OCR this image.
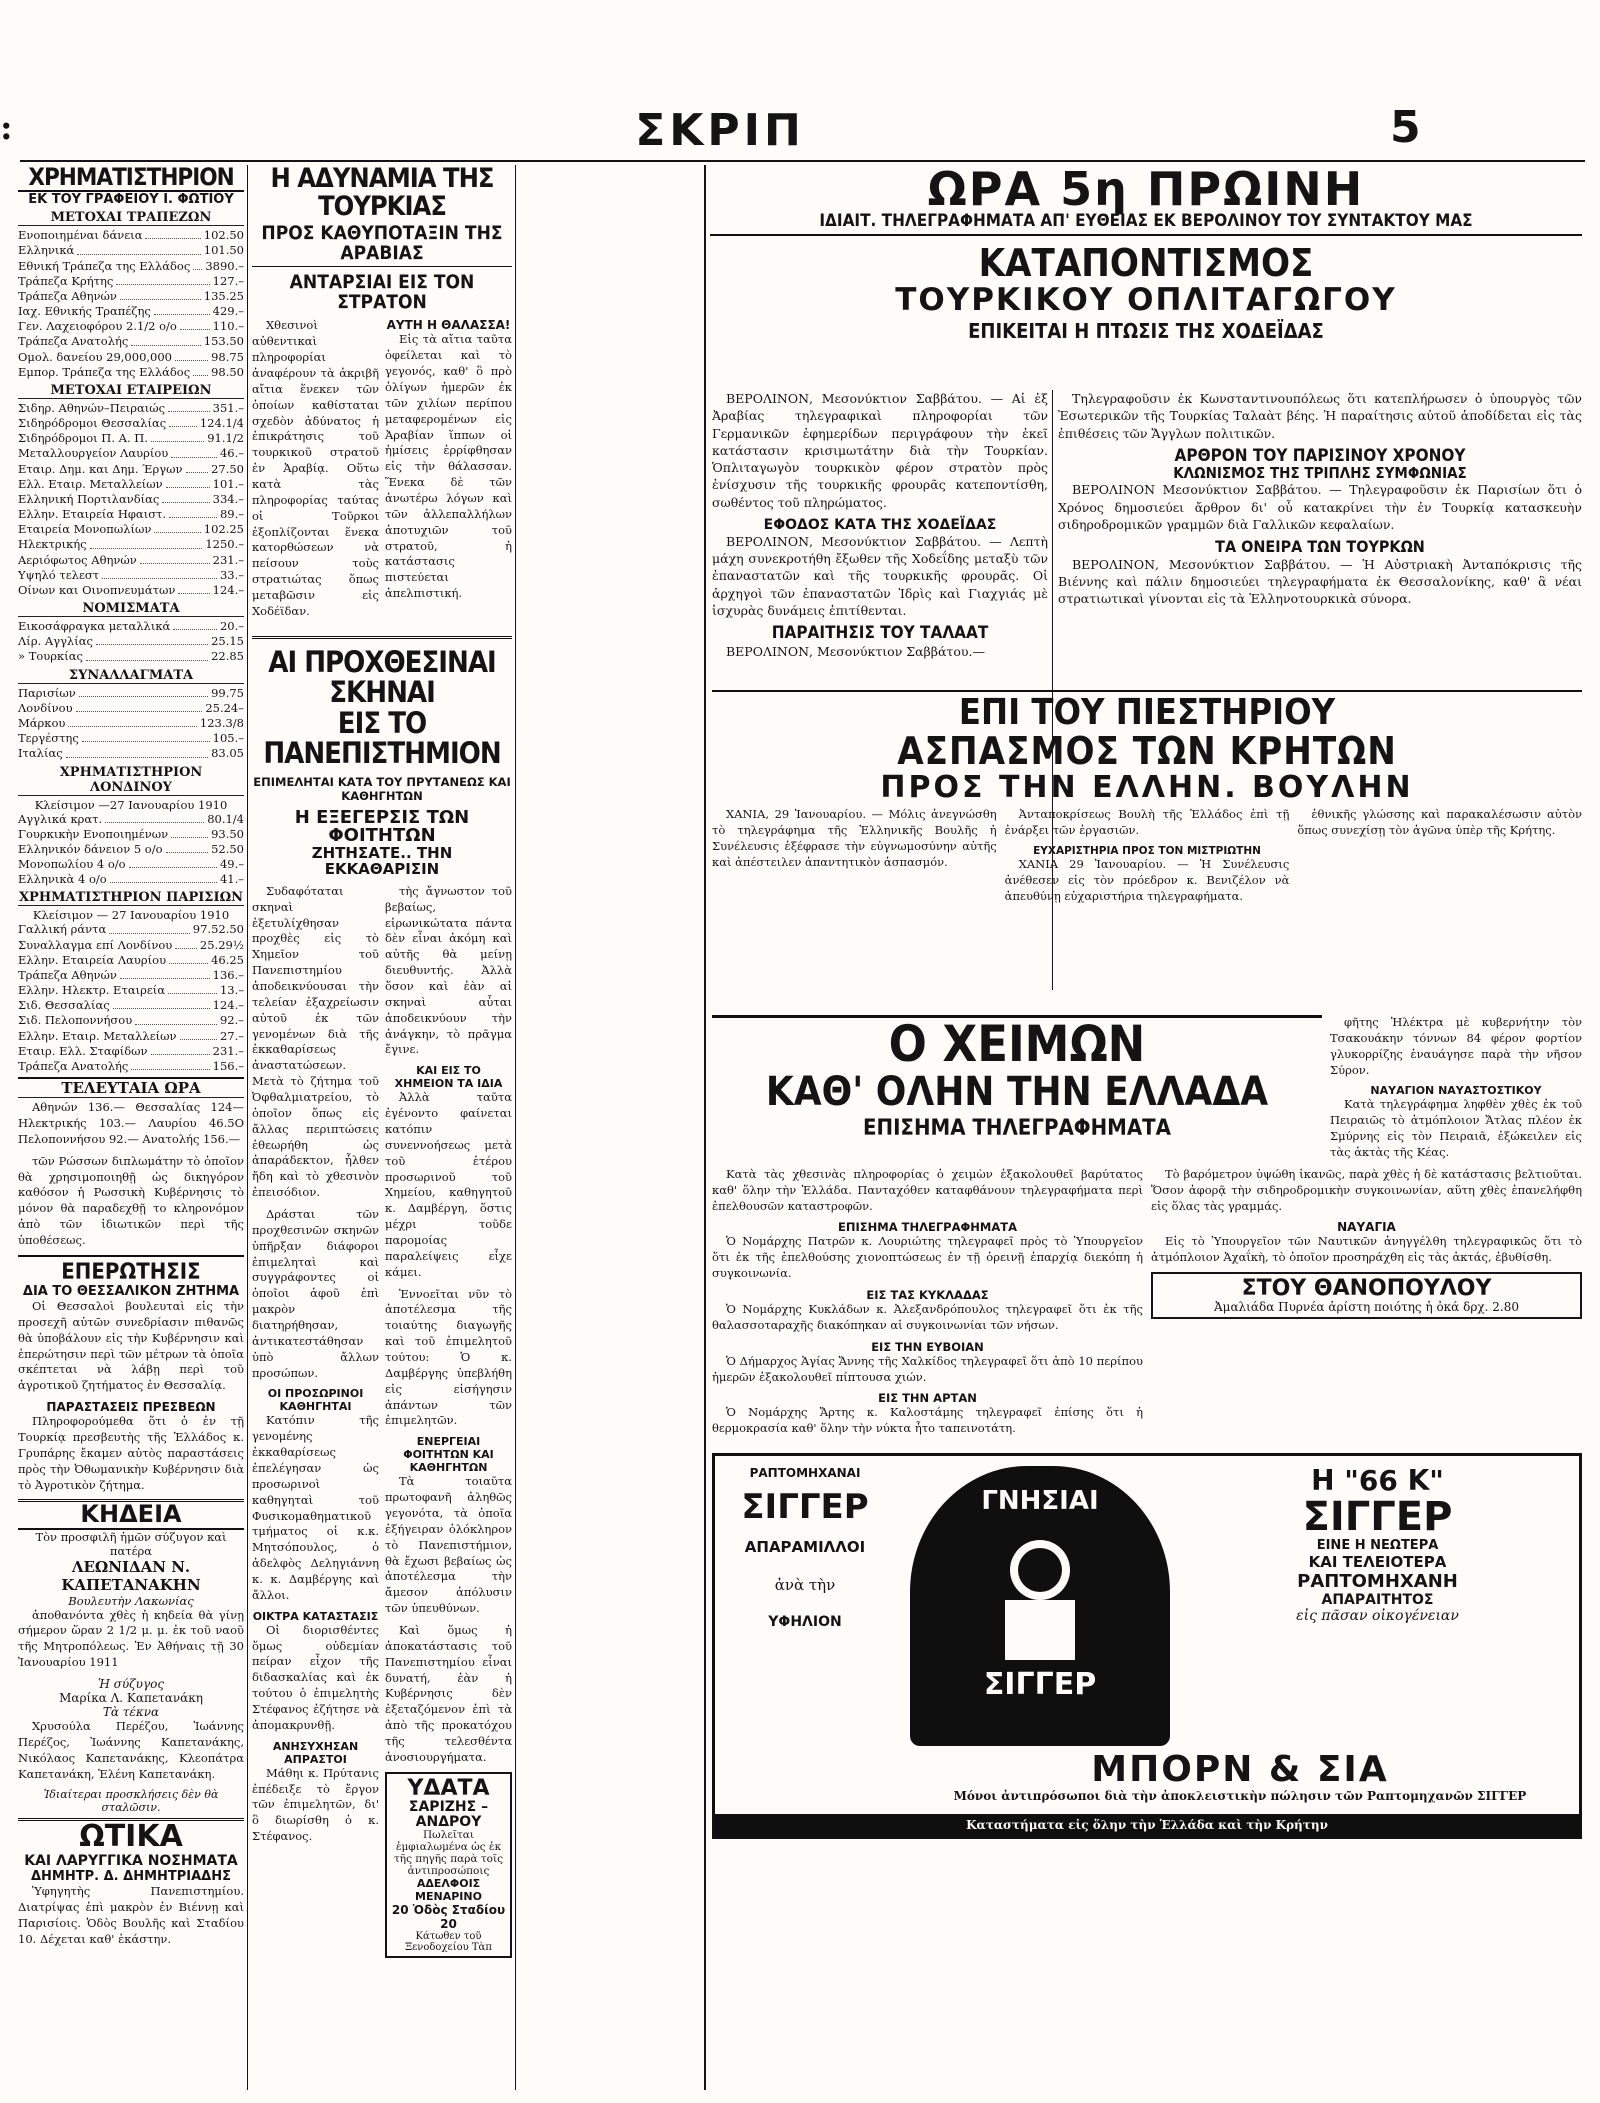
:	ΣΚΡΙΠ	5
ΧΡΗΜΑΤΙΣΤΗΡΙΟΝ
ΕΚ ΤΟΥ ΓΡΑΦΕΙΟΥ Ι. ΦΩΤΙΟΥ
ΜΕΤΟΧΑΙ ΤΡΑΠΕΖΩΝ
Ενοποιημέναι δάνεια	102.50
Ελληνικά	101.50
Εθνική Τράπεζα της Ελλάδος 3890.–
Τράπεζα Κρήτης	127.–
Τράπεζα Αθηνών	135.25
Ιαχ. Εθνικής Τραπέζης	429.–
Γεν. Λαχειοφόρου 2.1/2 ο/ο	110.–
Τράπεζα Ανατολής	153.50
Ομολ. δανείου 29,000,000	98.75
Εμπορ. Τράπεζα της Ελλάδος 98.50
ΜΕΤΟΧΑΙ ΕΤΑΙΡΕΙΩΝ
Σιδηρ. Αθηνών–Πειραιώς	351.–
Σιδηρόδρομοι Θεσσαλίας	124.1/4
Σιδηρόδρομοι Π. Α. Π.	91.1/2
Μεταλλουργείον Λαυρίου	46.–
Εταιρ. Δημ. και Δημ. Έργων 27.50
Ελλ. Εταιρ. Μεταλλείων	101.–
Ελληνική Πορτιλανδίας	334.–
Ελλην. Εταιρεία Ηφαιστ.	89.–
Εταιρεία Μονοπωλίων	102.25
Ηλεκτρικής	1250.–
Αεριόφωτος Αθηνών	231.–
Υψηλό τελεστ	33.–
Οίνων και Οινοπνευμάτων	124.–
ΝΟΜΙΣΜΑΤΑ
Εικοσάφραγκα μεταλλικά	20.–
Λίρ. Αγγλίας	25.15
» Τουρκίας	22.85
ΣΥΝΑΛΛΑΓΜΑΤΑ
Παρισίων	99.75
Λονδίνου	25.24–
Μάρκου	123.3/8
Τεργέστης	105.–
Ιταλίας	83.05
ΧΡΗΜΑΤΙΣΤΗΡΙΟΝ ΛΟΝΔΙΝΟΥ
Κλείσιμον —27 Ιανουαρίου 1910
Αγγλικά κρατ.	80.1/4
Γουρκικὴν Ενοποιημένων	93.50
Ελληνικόν δάνειον 5 ο/ο	52.50
Μονοπωλίου 4 ο/ο	49.–
Ελληνικὰ 4 ο/ο	41.–
ΧΡΗΜΑΤΙΣΤΗΡΙΟΝ ΠΑΡΙΣΙΩΝ
Κλείσιμον — 27 Ιανουαρίου 1910
Γαλλική ράντα	97.52.50
Συναλλαγμα επί Λονδίνου 25.29½
Ελλην. Εταιρεία Λαυρίου	46.25
Τράπεζα Αθηνών	136.–
Ελλην. Ηλεκτρ. Εταιρεία	13.–
Σιδ. Θεσσαλίας	124.–
Σιδ. Πελοποννήσου	92.–
Ελλην. Εταιρ. Μεταλλείων	27.–
Εταιρ. Ελλ. Σταφίδων	231.–
Τράπεζα Ανατολής	156.–
ΤΕΛΕΥΤΑΙΑ ΩΡΑ

Αθηνών 136.— Θεσσαλίας 124— Ηλεκτρικής 103.— Λαυρίου 46.5Ο Πελοποννήσου 92.— Ανατολής 156.—

τῶν Ρώσσων διπλωμάτην τὸ ὁποῖον θὰ χρησιμοποιηθῇ ὡς δικηγόρον καθόσον ἡ Ρωσσικὴ Κυβέρνησις τὸ μόνον θὰ παραδεχθῇ το κληρονόμον ἀπὸ τῶν ἰδιωτικῶν περὶ τῆς ὑποθέσεως.

ΕΠΕΡΩΤΗΣΙΣ
ΔΙΑ ΤΟ ΘΕΣΣΑΛΙΚΟΝ ΖΗΤΗΜΑ

Οἱ Θεσσαλοὶ βουλευταὶ εἰς τὴν προσεχῆ αὐτῶν συνεδρίασιν πιθανῶς θὰ ὑποβάλουν εἰς τὴν Κυβέρνησιν καὶ ἐπερώτησιν περὶ τῶν μέτρων τὰ ὁποῖα σκέπτεται νὰ λάβῃ περὶ τοῦ ἀγροτικοῦ ζητήματος ἐν Θεσσαλίᾳ.

ΠΑΡΑΣΤΑΣΕΙΣ ΠΡΕΣΒΕΩΝ

Πληροφορούμεθα ὅτι ὁ ἐν τῇ Τουρκίᾳ πρεσβευτὴς τῆς Ἑλλάδος κ. Γρυπάρης ἔκαμεν αὐτὸς παραστάσεις πρὸς τὴν Ὀθωμανικὴν Κυβέρνησιν διὰ τὸ Ἀγροτικὸν ζήτημα.

ΚΗΔΕΙΑ
Τὸν προσφιλῆ ἡμῶν σύζυγον καὶ πατέρα
ΛΕΩΝΙΔΑΝ Ν. ΚΑΠΕΤΑΝΑΚΗΝ
Βουλευτὴν Λακωνίας

ἀποθανόντα χθὲς ἡ κηδεία θὰ γίνῃ σήμερον ὥραν 2 1/2 μ. μ. ἐκ τοῦ ναοῦ τῆς Μητροπόλεως. Ἐν Ἀθήναις τῇ 30 Ἰανουαρίου 1911

Ἡ σύζυγος
Μαρίκα Λ. Καπετανάκη
Τὰ τέκνα

Χρυσούλα Περέζου, Ἰωάννης Περέζος, Ἰωάννης Καπετανάκης, Νικόλαος Καπετανάκης, Κλεοπάτρα Καπετανάκη, Ἑλένη Καπετανάκη.

Ἰδιαίτεραι προσκλήσεις δὲν θὰ σταλῶσιν.
ΩΤΙΚΑ
ΚΑΙ ΛΑΡΥΓΓΙΚΑ ΝΟΣΗΜΑΤΑ
ΔΗΜΗΤΡ. Δ. ΔΗΜΗΤΡΙΑΔΗΣ

Ὑφηγητὴς Πανεπιστημίου. Διατρίψας ἐπὶ μακρὸν ἐν Βιέννῃ καὶ Παρισίοις. Ὁδὸς Βουλῆς καὶ Σταδίου 10. Δέχεται καθ' ἑκάστην.

Η ΑΔΥΝΑΜΙΑ ΤΗΣ ΤΟΥΡΚΙΑΣ
ΠΡΟΣ ΚΑΘΥΠΟΤΑΞΙΝ ΤΗΣ ΑΡΑΒΙΑΣ
ΑΝΤΑΡΣΙΑΙ ΕΙΣ ΤΟΝ ΣΤΡΑΤΟΝ

Χθεσινοὶ αὐθεντικαὶ πληροφορίαι ἀναφέρουν τὰ ἀκριβῆ αἴτια ἕνεκεν τῶν ὁποίων καθίσταται σχεδὸν ἀδύνατος ἡ ἐπικράτησις τοῦ τουρκικοῦ στρατοῦ ἐν Ἀραβίᾳ. Οὕτω κατὰ τὰς πληροφορίας ταύτας οἱ Τοῦρκοι ἐξοπλίζονται ἕνεκα κατορθώσεων νὰ πείσουν τοὺς στρατιώτας ὅπως μεταβῶσιν εἰς Χοδέϊδαν.

ΑΥΤΗ Η ΘΑΛΑΣΣΑ!

Εἰς τὰ αἴτια ταῦτα ὀφείλεται καὶ τὸ γεγονός, καθ' ὃ πρὸ ὀλίγων ἡμερῶν ἐκ τῶν χιλίων περίπου μεταφερομένων εἰς Ἀραβίαν ἵππων οἱ ἡμίσεις ἐρρίφθησαν εἰς τὴν θάλασσαν. Ἕνεκα δὲ τῶν ἀνωτέρω λόγων καὶ τῶν ἀλλεπαλλήλων ἀποτυχιῶν τοῦ στρατοῦ, ἡ κατάστασις πιστεύεται ἀπελπιστική.

ΑΙ ΠΡΟΧΘΕΣΙΝΑΙ ΣΚΗΝΑΙ
ΕΙΣ ΤΟ ΠΑΝΕΠΙΣΤΗΜΙΟΝ
ΕΠΙΜΕΛΗΤΑΙ ΚΑΤΑ ΤΟΥ ΠΡΥΤΑΝΕΩΣ ΚΑΙ ΚΑΘΗΓΗΤΩΝ
Η ΕΞΕΓΕΡΣΙΣ ΤΩΝ ΦΟΙΤΗΤΩΝ
ΖΗΤΗΣΑΤΕ.. ΤΗΝ ΕΚΚΑΘΑΡΙΣΙΝ

Συδαφόταται σκηναὶ ἐξετυλίχθησαν προχθὲς εἰς τὸ Χημεῖον τοῦ Πανεπιστημίου ἀποδεικνύουσαι τὴν τελείαν ἐξαχρείωσιν αὐτοῦ ἐκ τῶν γενομένων διὰ τῆς ἐκκαθαρίσεως ἀναστατώσεων. Μετὰ τὸ ζήτημα τοῦ Ὀφθαλμιατρείου, τὸ ὁποῖον ὅπως εἰς ἄλλας περιπτώσεις ἐθεωρήθη ὡς ἀπαράδεκτον, ἦλθεν ἤδη καὶ τὸ χθεσινὸν ἐπεισόδιον.

Δράσται τῶν προχθεσινῶν σκηνῶν ὑπῆρξαν διάφοροι ἐπιμεληταὶ καὶ συγγράφοντες οἱ ὁποῖοι ἀφοῦ ἐπὶ μακρὸν διατηρήθησαν, ἀντικατεστάθησαν ὑπὸ ἄλλων προσώπων.

ΟΙ ΠΡΟΣΩΡΙΝΟΙ ΚΑΘΗΓΗΤΑΙ

Κατόπιν τῆς γενομένης ἐκκαθαρίσεως ἐπελέγησαν ὡς προσωρινοὶ καθηγηταὶ τοῦ Φυσικομαθηματικοῦ τμήματος οἱ κ.κ. Μητσόπουλος, ὁ ἀδελφὸς Δεληγιάννη κ. κ. Δαμβέργης καὶ ἄλλοι.

ΟΙΚΤΡΑ ΚΑΤΑΣΤΑΣΙΣ

Οἱ διορισθέντες ὅμως οὐδεμίαν πείραν εἶχον τῆς διδασκαλίας καὶ ἐκ τούτου ὁ ἐπιμελητὴς Στέφανος ἐζήτησε νὰ ἀπομακρυνθῇ.

ΑΝΗΣΥΧΗΣΑΝ ΑΠΡΑΣΤΟΙ

Μάθηι κ. Πρύτανις ἐπέδειξε τὸ ἔργον τῶν ἐπιμελητῶν, δι' ὃ διωρίσθη ὁ κ. Στέφανος.

τὴς ἄγνωστον τοῦ βεβαίως, εἰρωνικώτατα πάντα δὲν εἶναι ἀκόμη καὶ αὐτῆς θὰ μείνῃ διευθυντής. Ἀλλὰ ὅσον καὶ ἐὰν αἱ σκηναὶ αὗται ἀποδεικνύουν τὴν ἀνάγκην, τὸ πρᾶγμα ἔγινε.

ΚΑΙ ΕΙΣ ΤΟ ΧΗΜΕΙΟΝ ΤΑ ΙΔΙΑ

Ἀλλὰ ταῦτα ἐγένοντο φαίνεται κατόπιν συνεννοήσεως μετὰ τοῦ ἑτέρου προσωρινοῦ τοῦ Χημείου, καθηγητοῦ κ. Δαμβέργη, ὅστις μέχρι τοῦδε παρομοίας παραλείψεις εἶχε κάμει.

Ἐννοεῖται νῦν τὸ ἀποτέλεσμα τῆς τοιαύτης διαγωγῆς καὶ τοῦ ἐπιμελητοῦ τούτου: Ὁ κ. Δαμβέργης ὑπεβλήθη εἰς εἰσήγησιν ἁπάντων τῶν ἐπιμελητῶν.

ΕΝΕΡΓΕΙΑΙ ΦΟΙΤΗΤΩΝ ΚΑΙ ΚΑΘΗΓΗΤΩΝ

Τὰ τοιαῦτα πρωτοφανῆ ἀληθῶς γεγονότα, τὰ ὁποῖα ἐξήγειραν ὁλόκληρον τὸ Πανεπιστήμιον, θὰ ἔχωσι βεβαίως ὡς ἀποτέλεσμα τὴν ἄμεσον ἀπόλυσιν τῶν ὑπευθύνων.

Καὶ ὅμως ἡ ἀποκατάστασις τοῦ Πανεπιστημίου εἶναι δυνατή, ἐὰν ἡ Κυβέρνησις δὲν ἐξεταζόμενον ἐπὶ τὰ ἀπὸ τῆς προκατόχου τῆς τελεσθέντα ἀνοσιουργήματα.

ΥΔΑΤΑ
ΣΑΡΙΖΗΣ – ΑΝΔΡΟΥ
Πωλεῖται ἐμφιαλωμένα ὡς ἐκ τῆς πηγῆς παρὰ τοῖς ἀντιπροσώποις
ΑΔΕΛΦΟΙΣ ΜΕΝΑΡΙΝΟ
20 Ὁδὸς Σταδίου 20
Κάτωθεν τοῦ Ξενοδοχείου Τὰπ
ΩΡΑ 5η ΠΡΩΙΝΗ
ΙΔΙΑΙΤ. ΤΗΛΕΓΡΑΦΗΜΑΤΑ ΑΠ' ΕΥΘΕΙΑΣ ΕΚ ΒΕΡΟΛΙΝΟΥ ΤΟΥ ΣΥΝΤΑΚΤΟΥ ΜΑΣ
ΚΑΤΑΠΟΝΤΙΣΜΟΣ
ΤΟΥΡΚΙΚΟΥ ΟΠΛΙΤΑΓΩΓΟΥ
ΕΠΙΚΕΙΤΑΙ Η ΠΤΩΣΙΣ ΤΗΣ ΧΟΔΕΪΔΑΣ

ΒΕΡΟΛΙΝΟΝ, Μεσονύκτιον Σαββάτου. — Αἱ ἐξ Ἀραβίας τηλεγραφικαὶ πληροφορίαι τῶν Γερμανικῶν ἐφημερίδων περιγράφουν τὴν ἐκεῖ κατάστασιν κρισιμωτάτην διὰ τὴν Τουρκίαν. Ὁπλιταγωγὸν τουρκικὸν φέρον στρατὸν πρὸς ἐνίσχυσιν τῆς τουρκικῆς φρουρᾶς κατεποντίσθη, σωθέντος τοῦ πληρώματος.

ΕΦΟΔΟΣ ΚΑΤΑ ΤΗΣ ΧΟΔΕΪΔΑΣ

ΒΕΡΟΛΙΝΟΝ, Μεσονύκτιον Σαββάτου. — Λεπτὴ μάχη συνεκροτήθη ἔξωθεν τῆς Χοδεΐδης μεταξὺ τῶν ἐπαναστατῶν καὶ τῆς τουρκικῆς φρουρᾶς. Οἱ ἀρχηγοὶ τῶν ἐπαναστατῶν Ἰδρὶς καὶ Γιαχγιάς μὲ ἰσχυρὰς δυνάμεις ἐπιτίθενται.

ΠΑΡΑΙΤΗΣΙΣ ΤΟΥ ΤΑΛΑΑΤ

ΒΕΡΟΛΙΝΟΝ, Μεσονύκτιον Σαββάτου.—

Τηλεγραφοῦσιν ἐκ Κωνσταντινουπόλεως ὅτι κατεπλήρωσεν ὁ ὑπουργὸς τῶν Ἐσωτερικῶν τῆς Τουρκίας Ταλαὰτ βέης. Ἡ παραίτησις αὐτοῦ ἀποδίδεται εἰς τὰς ἐπιθέσεις τῶν Ἄγγλων πολιτικῶν.

ΑΡΘΡΟΝ ΤΟΥ ΠΑΡΙΣΙΝΟΥ ΧΡΟΝΟΥ
ΚΛΩΝΙΣΜΟΣ ΤΗΣ ΤΡΙΠΛΗΣ ΣΥΜΦΩΝΙΑΣ

ΒΕΡΟΛΙΝΟΝ Μεσονύκτιον Σαββάτου. — Τηλεγραφοῦσιν ἐκ Παρισίων ὅτι ὁ Χρόνος δημοσιεύει ἄρθρον δι' οὗ κατακρίνει τὴν ἐν Τουρκίᾳ κατασκευὴν σιδηροδρομικῶν γραμμῶν διὰ Γαλλικῶν κεφαλαίων.

ΤΑ ΟΝΕΙΡΑ ΤΩΝ ΤΟΥΡΚΩΝ

ΒΕΡΟΛΙΝΟΝ, Μεσονύκτιον Σαββάτου. — Ἡ Αὐστριακὴ Ἀνταπόκρισις τῆς Βιέννης καὶ πάλιν δημοσιεύει τηλεγραφήματα ἐκ Θεσσαλονίκης, καθ' ἃ νέαι στρατιωτικαὶ γίνονται εἰς τὰ Ἑλληνοτουρκικὰ σύνορα.

ΕΠΙ ΤΟΥ ΠΙΕΣΤΗΡΙΟΥ
ΑΣΠΑΣΜΟΣ ΤΩΝ ΚΡΗΤΩΝ
ΠΡΟΣ ΤΗΝ ΕΛΛΗΝ. ΒΟΥΛΗΝ

ΧΑΝΙΑ, 29 Ἰανουαρίου. — Μόλις ἀνεγνώσθη τὸ τηλεγράφημα τῆς Ἑλληνικῆς Βουλῆς ἡ Συνέλευσις ἐξέφρασε τὴν εὐγνωμοσύνην αὐτῆς καὶ ἀπέστειλεν ἀπαντητικὸν ἀσπασμόν.

Ἀνταποκρίσεως Βουλὴ τῆς Ἑλλάδος ἐπὶ τῇ ἐνάρξει τῶν ἐργασιῶν.

ΕΥΧΑΡΙΣΤΗΡΙΑ ΠΡΟΣ ΤΟΝ ΜΙΣΤΡΙΩΤΗΝ

ΧΑΝΙΑ 29 Ἰανουαρίου. — Ἡ Συνέλευσις ἀνέθεσεν εἰς τὸν πρόεδρον κ. Βενιζέλον νὰ ἀπευθύνῃ εὐχαριστήρια τηλεγραφήματα.

ἐθνικῆς γλώσσης καὶ παρακαλέσωσιν αὐτὸν ὅπως συνεχίσῃ τὸν ἀγῶνα ὑπὲρ τῆς Κρήτης.

Ο ΧΕΙΜΩΝ
ΚΑΘ' ΟΛΗΝ ΤΗΝ ΕΛΛΑΔΑ
ΕΠΙΣΗΜΑ ΤΗΛΕΓΡΑΦΗΜΑΤΑ

φῆτης Ἠλέκτρα μὲ κυβερνήτην τὸν Τσακουάκην τόννων 84 φέρον φορτίον γλυκορρίζης ἐναυάγησε παρὰ τὴν νῆσον Σύρον.

ΝΑΥΑΓΙΟΝ ΝΑΥΑΣΤΟΣΤΙΚΟΥ

Κατὰ τηλεγράφημα ληφθὲν χθὲς ἐκ τοῦ Πειραιῶς τὸ ἀτμόπλοιον Ἄτλας πλέον ἐκ Σμύρνης εἰς τὸν Πειραιᾶ, ἐξώκειλεν εἰς τὰς ἀκτὰς τῆς Κέας.

Κατὰ τὰς χθεσινὰς πληροφορίας ὁ χειμὼν ἐξακολουθεῖ βαρύτατος καθ' ὅλην τὴν Ἑλλάδα. Πανταχόθεν καταφθάνουν τηλεγραφήματα περὶ ἐπελθουσῶν καταστροφῶν.

ΕΠΙΣΗΜΑ ΤΗΛΕΓΡΑΦΗΜΑΤΑ

Ὁ Νομάρχης Πατρῶν κ. Λουριώτης τηλεγραφεῖ πρὸς τὸ Ὑπουργεῖον ὅτι ἐκ τῆς ἐπελθούσης χιονοπτώσεως ἐν τῇ ὀρεινῇ ἐπαρχίᾳ διεκόπη ἡ συγκοινωνία.

ΕΙΣ ΤΑΣ ΚΥΚΛΑΔΑΣ

Ὁ Νομάρχης Κυκλάδων κ. Ἀλεξανδρόπουλος τηλεγραφεῖ ὅτι ἐκ τῆς θαλασσοταραχῆς διακόπηκαν αἱ συγκοινωνίαι τῶν νήσων.

ΕΙΣ ΤΗΝ ΕΥΒΟΙΑΝ

Ὁ Δήμαρχος Ἁγίας Ἄννης τῆς Χαλκίδος τηλεγραφεῖ ὅτι ἀπὸ 10 περίπου ἡμερῶν ἐξακολουθεῖ πίπτουσα χιών.

ΕΙΣ ΤΗΝ ΑΡΤΑΝ

Ὁ Νομάρχης Ἄρτης κ. Καλοστάμης τηλεγραφεῖ ἐπίσης ὅτι ἡ θερμοκρασία καθ' ὅλην τὴν νύκτα ἦτο ταπεινοτάτη.

Τὸ βαρόμετρον ὑψώθη ἱκανῶς, παρὰ χθὲς ἡ δὲ κατάστασις βελτιοῦται. Ὅσον ἀφορᾷ τὴν σιδηροδρομικὴν συγκοινωνίαν, αὕτη χθὲς ἐπανελήφθη εἰς ὅλας τὰς γραμμάς.

ΝΑΥΑΓΙΑ

Εἰς τὸ Ὑπουργεῖον τῶν Ναυτικῶν ἀνηγγέλθη τηλεγραφικῶς ὅτι τὸ ἀτμόπλοιον Ἀχαΐκὴ, τὸ ὁποῖον προσηράχθη εἰς τὰς ἀκτάς, ἐβυθίσθη.

ΣΤΟΥ ΘΑΝΟΠΟΥΛΟΥ
Ἀμαλιάδα Πυρνέα ἀρίστη ποιότης ἡ ὀκά δρχ. 2.80
ΡΑΠΤΟΜΗΧΑΝΑΙ
ΣΙΓΓΕΡ
ΑΠΑΡΑΜΙΛΛΟΙ
ἀνὰ τὴν
ΥΦΗΛΙΟΝ
ΓΝΗΣΙΑΙ
ΣΙΓΓΕΡ
Η "66 Κ"
ΣΙΓΓΕΡ
ΕΙΝΕ Η ΝΕΩΤΕΡΑ
ΚΑΙ ΤΕΛΕΙΟΤΕΡΑ
ΡΑΠΤΟΜΗΧΑΝΗ
ΑΠΑΡΑΙΤΗΤΟΣ
εἰς πᾶσαν οἰκογένειαν
ΜΠΟΡΝ & ΣΙΑ
Μόνοι ἀντιπρόσωποι διὰ τὴν ἀποκλειστικὴν πώλησιν τῶν Ραπτομηχανῶν ΣΙΓΓΕΡ
Καταστήματα εἰς ὅλην τὴν Ἑλλάδα καὶ τὴν Κρήτην
